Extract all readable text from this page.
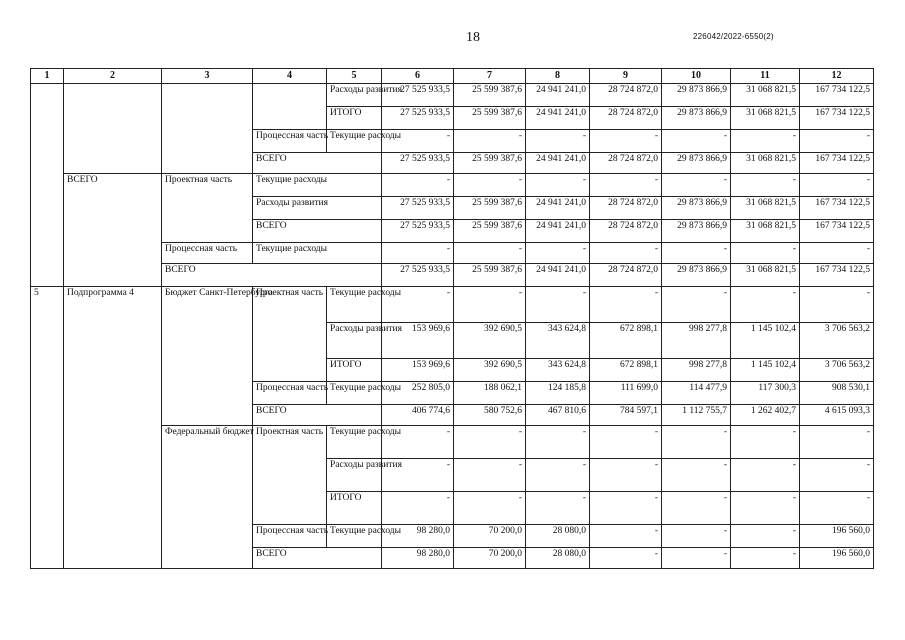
18	226042/2022-6550(2)
1	2	3	4	5	6	7	8	9	10	11	12
				Расходы развития	27 525 933,5	25 599 387,6	24 941 241,0	28 724 872,0	29 873 866,9	31 068 821,5	167 734 122,5
				ИТОГО	27 525 933,5	25 599 387,6	24 941 241,0	28 724 872,0	29 873 866,9	31 068 821,5	167 734 122,5
			Процессная часть	Текущие расходы	-	-	-	-	-	-	-
			ВСЕГО		27 525 933,5	25 599 387,6	24 941 241,0	28 724 872,0	29 873 866,9	31 068 821,5	167 734 122,5
	ВСЕГО	Проектная часть	Текущие расходы		-	-	-	-	-	-	-
			Расходы развития		27 525 933,5	25 599 387,6	24 941 241,0	28 724 872,0	29 873 866,9	31 068 821,5	167 734 122,5
			ВСЕГО		27 525 933,5	25 599 387,6	24 941 241,0	28 724 872,0	29 873 866,9	31 068 821,5	167 734 122,5
		Процессная часть	Текущие расходы		-	-	-	-	-	-	-
		ВСЕГО			27 525 933,5	25 599 387,6	24 941 241,0	28 724 872,0	29 873 866,9	31 068 821,5	167 734 122,5
5	Подпрограмма 4	Бюджет Санкт-Петербурга	Проектная часть	Текущие расходы	-	-	-	-	-	-	-
				Расходы развития	153 969,6	392 690,5	343 624,8	672 898,1	998 277,8	1 145 102,4	3 706 563,2
				ИТОГО	153 969,6	392 690,5	343 624,8	672 898,1	998 277,8	1 145 102,4	3 706 563,2
			Процессная часть	Текущие расходы	252 805,0	188 062,1	124 185,8	111 699,0	114 477,9	117 300,3	908 530,1
			ВСЕГО		406 774,6	580 752,6	467 810,6	784 597,1	1 112 755,7	1 262 402,7	4 615 093,3
		Федеральный бюджет	Проектная часть	Текущие расходы	-	-	-	-	-	-	-
				Расходы развития	-	-	-	-	-	-	-
				ИТОГО	-	-	-	-	-	-	-
			Процессная часть	Текущие расходы	98 280,0	70 200,0	28 080,0	-	-	-	196 560,0
			ВСЕГО		98 280,0	70 200,0	28 080,0	-	-	-	196 560,0
